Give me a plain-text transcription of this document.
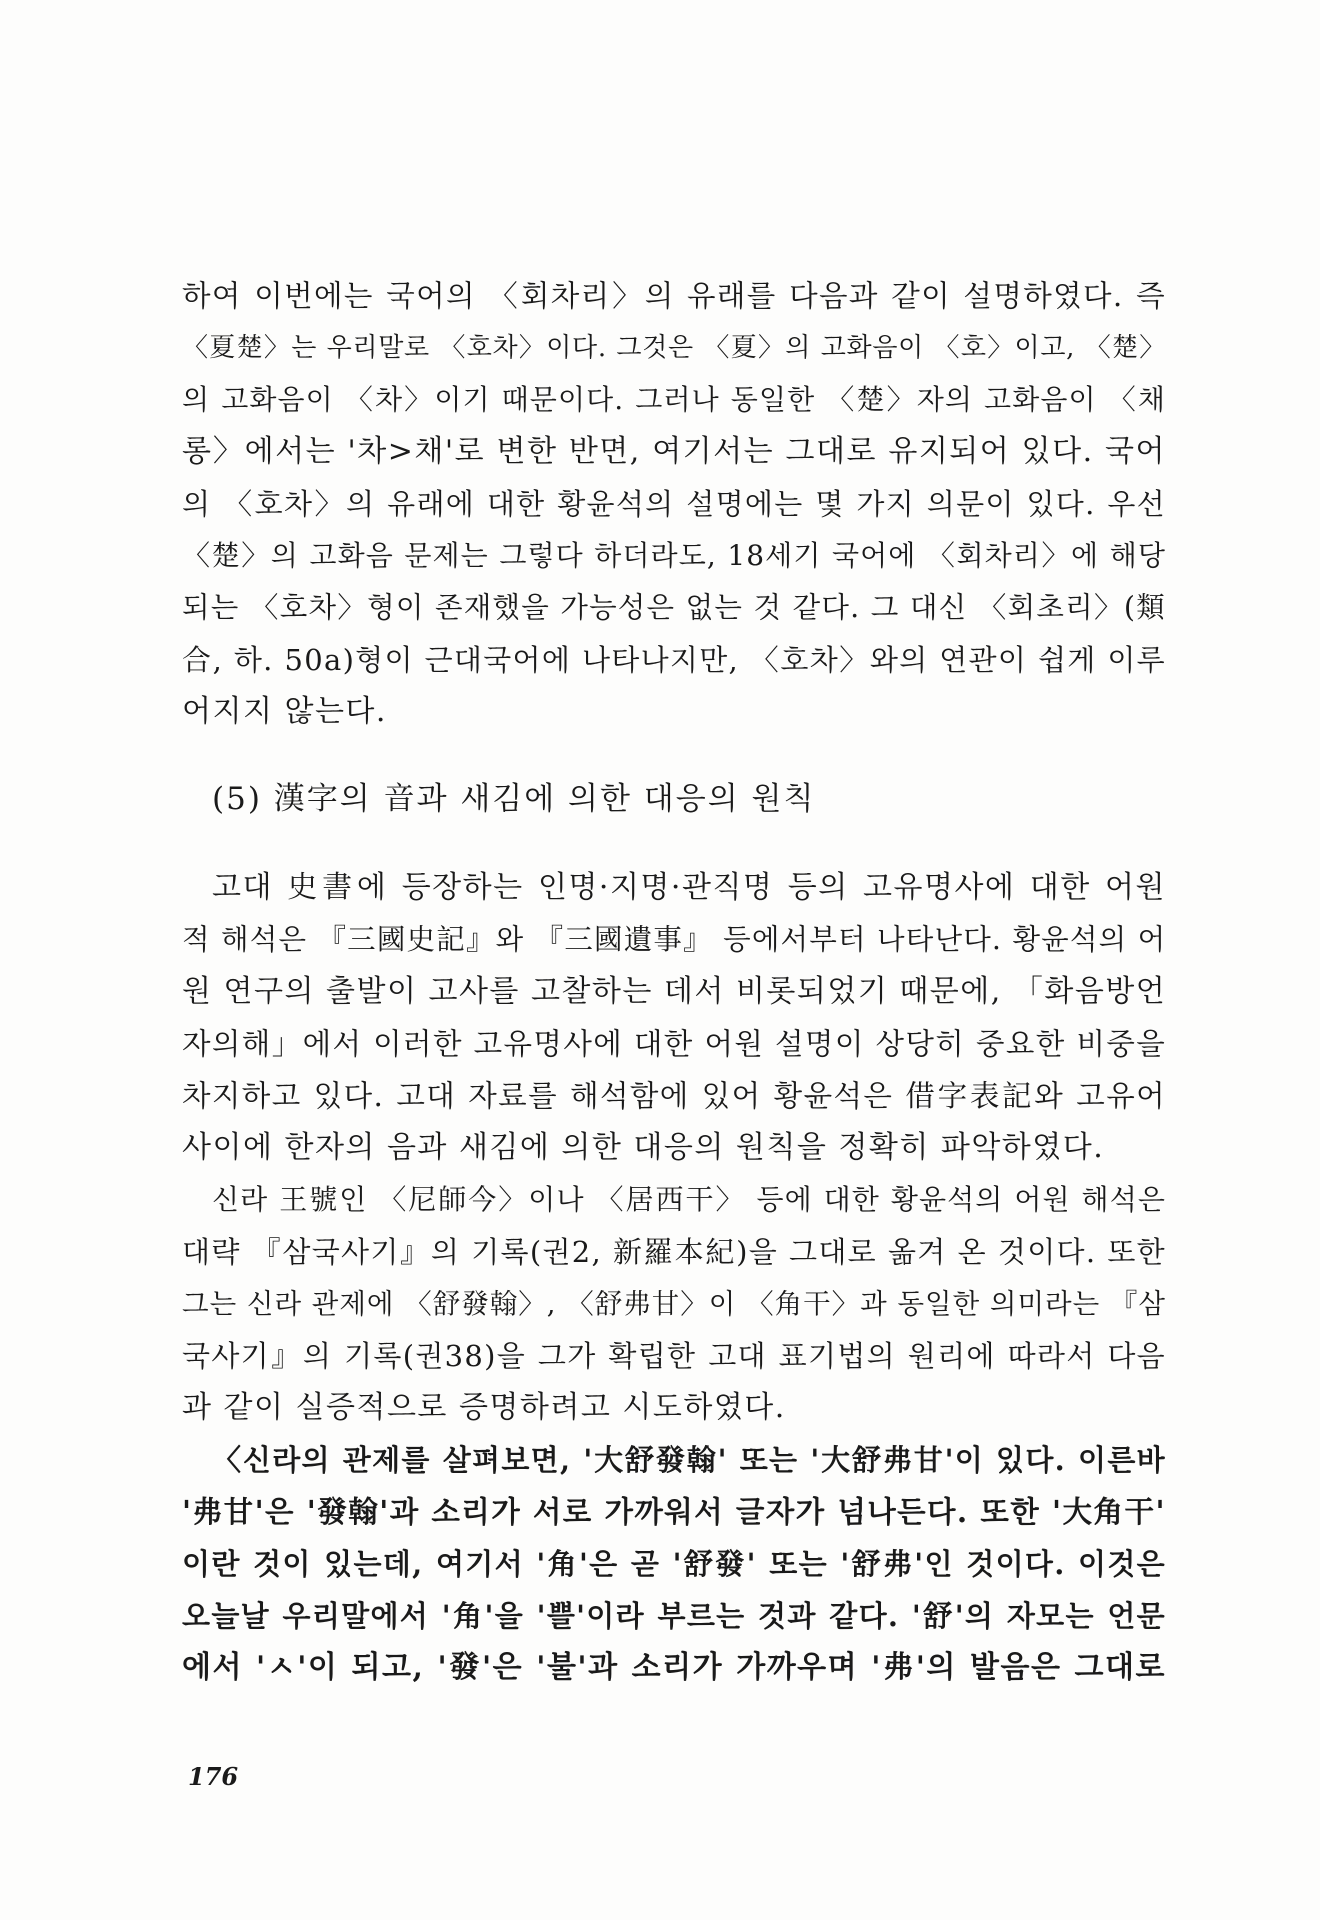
하여 이번에는 국어의 〈회차리〉의 유래를 다음과 같이 설명하였다. 즉
〈夏楚〉는 우리말로 〈호차〉이다. 그것은 〈夏〉의 고화음이 〈호〉이고, 〈楚〉
의 고화음이 〈차〉이기 때문이다. 그러나 동일한 〈楚〉자의 고화음이 〈채
롱〉에서는 '차>채'로 변한 반면, 여기서는 그대로 유지되어 있다. 국어
의 〈호차〉의 유래에 대한 황윤석의 설명에는 몇 가지 의문이 있다. 우선
〈楚〉의 고화음 문제는 그렇다 하더라도, 18세기 국어에 〈회차리〉에 해당
되는 〈호차〉형이 존재했을 가능성은 없는 것 같다. 그 대신 〈회초리〉(類
合, 하. 50a)형이 근대국어에 나타나지만, 〈호차〉와의 연관이 쉽게 이루
어지지 않는다.
(5) 漢字의 音과 새김에 의한 대응의 원칙
고대 史書에 등장하는 인명·지명·관직명 등의 고유명사에 대한 어원
적 해석은 『三國史記』와 『三國遺事』 등에서부터 나타난다. 황윤석의 어
원 연구의 출발이 고사를 고찰하는 데서 비롯되었기 때문에, 「화음방언
자의해」에서 이러한 고유명사에 대한 어원 설명이 상당히 중요한 비중을
차지하고 있다. 고대 자료를 해석함에 있어 황윤석은 借字表記와 고유어
사이에 한자의 음과 새김에 의한 대응의 원칙을 정확히 파악하였다.
신라 王號인 〈尼師今〉이나 〈居西干〉 등에 대한 황윤석의 어원 해석은
대략 『삼국사기』의 기록(권2, 新羅本紀)을 그대로 옮겨 온 것이다. 또한
그는 신라 관제에 〈舒發翰〉, 〈舒弗甘〉이 〈角干〉과 동일한 의미라는 『삼
국사기』의 기록(권38)을 그가 확립한 고대 표기법의 원리에 따라서 다음
과 같이 실증적으로 증명하려고 시도하였다.
〈신라의 관제를 살펴보면, '大舒發翰' 또는 '大舒弗甘'이 있다. 이른바
'弗甘'은 '發翰'과 소리가 서로 가까워서 글자가 넘나든다. 또한 '大角干'
이란 것이 있는데, 여기서 '角'은 곧 '舒發' 또는 '舒弗'인 것이다. 이것은
오늘날 우리말에서 '角'을 '쁠'이라 부르는 것과 같다. '舒'의 자모는 언문
에서 'ㅅ'이 되고, '發'은 '불'과 소리가 가까우며 '弗'의 발음은 그대로
176
